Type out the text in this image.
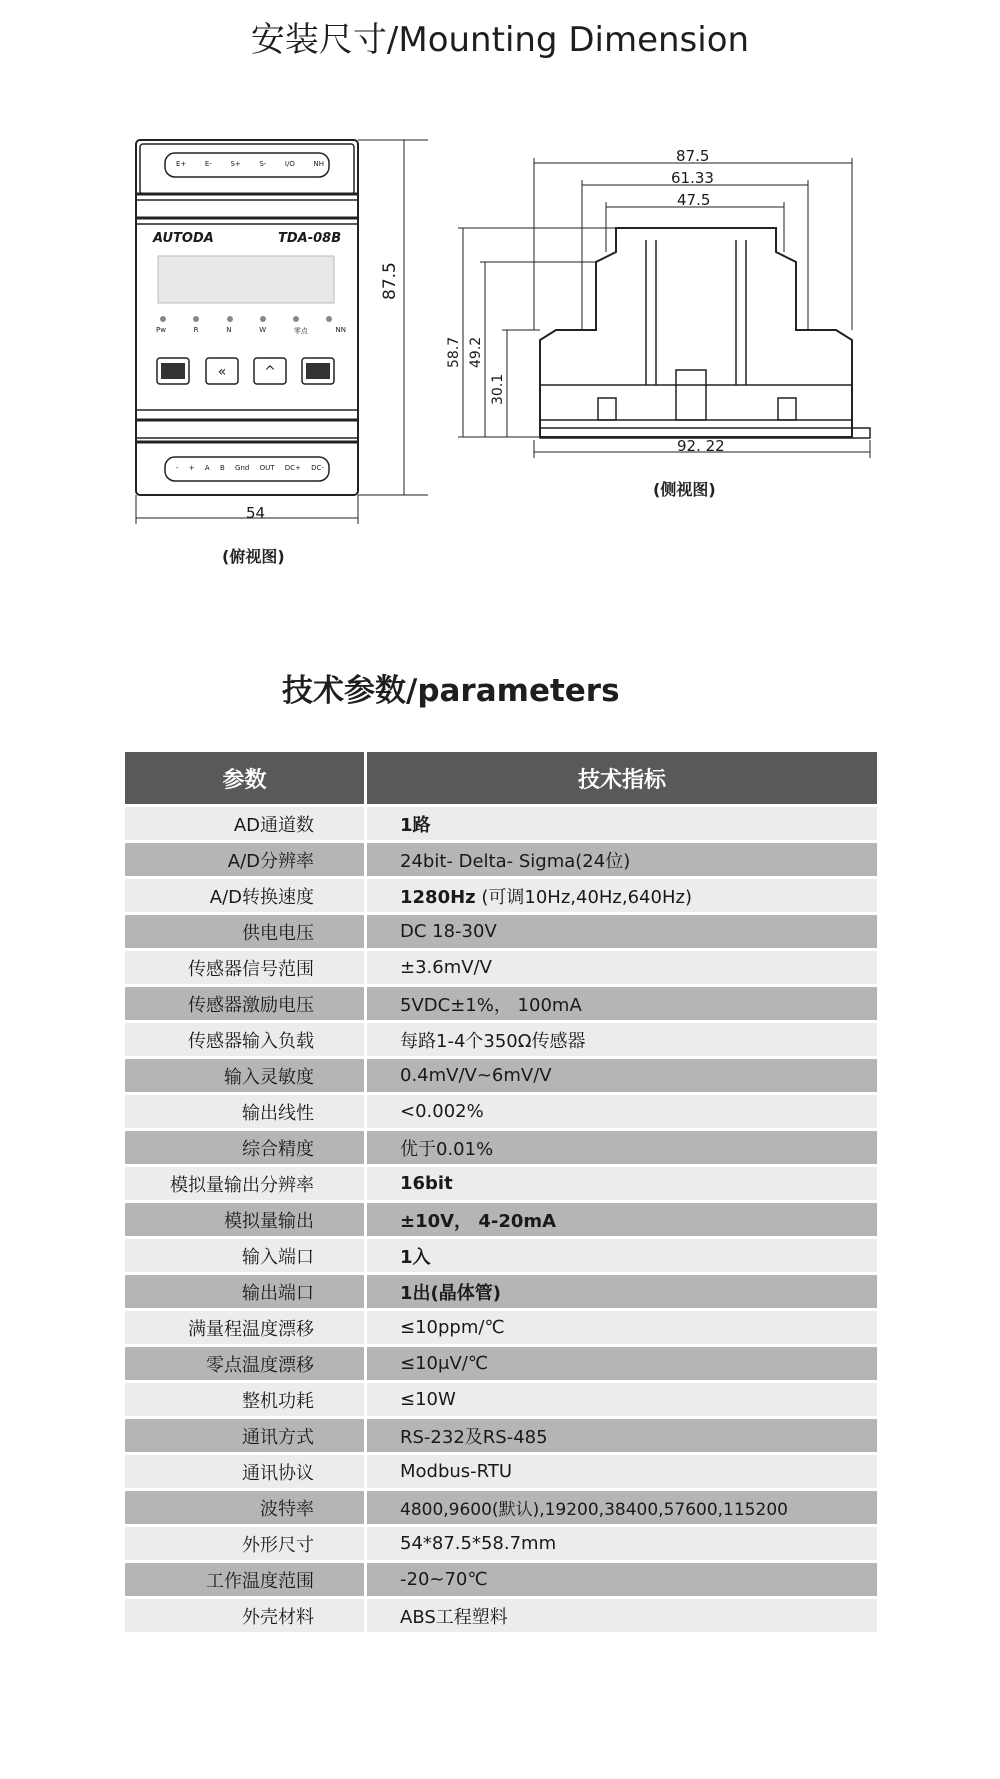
安装尺寸/Mounting Dimension
«	^
(俯视图)
(侧视图)
AUTODA	TDA-08B
54
87.5
Pw	R	N	W	零点	NN
E+	E-	S+	S-	I/O	NH
- + A B Gnd OUT DC+ DC-
87.5
61.33
47.5
92. 22
58.7 49.2
30.1
技术参数/parameters
参数	技术指标
AD通道数	1路
A/D分辨率	24bit- Delta- Sigma(24位)
A/D转换速度	1280Hz (可调10Hz,40Hz,640Hz)
供电电压	DC 18-30V
传感器信号范围	±3.6mV/V
传感器激励电压	5VDC±1%， 100mA
传感器输入负载	每路1-4个350Ω传感器
输入灵敏度	0.4mV/V~6mV/V
输出线性	<0.002%
综合精度	优于0.01%
模拟量输出分辨率	16bit
模拟量输出	±10V， 4-20mA
输入端口	1入
输出端口	1出(晶体管)
满量程温度漂移	≤10ppm/℃
零点温度漂移	≤10μV/℃
整机功耗	≤10W
通讯方式	RS-232及RS-485
通讯协议	Modbus-RTU
波特率	4800,9600(默认),19200,38400,57600,115200
外形尺寸	54*87.5*58.7mm
工作温度范围	-20~70℃
外壳材料	ABS工程塑料
